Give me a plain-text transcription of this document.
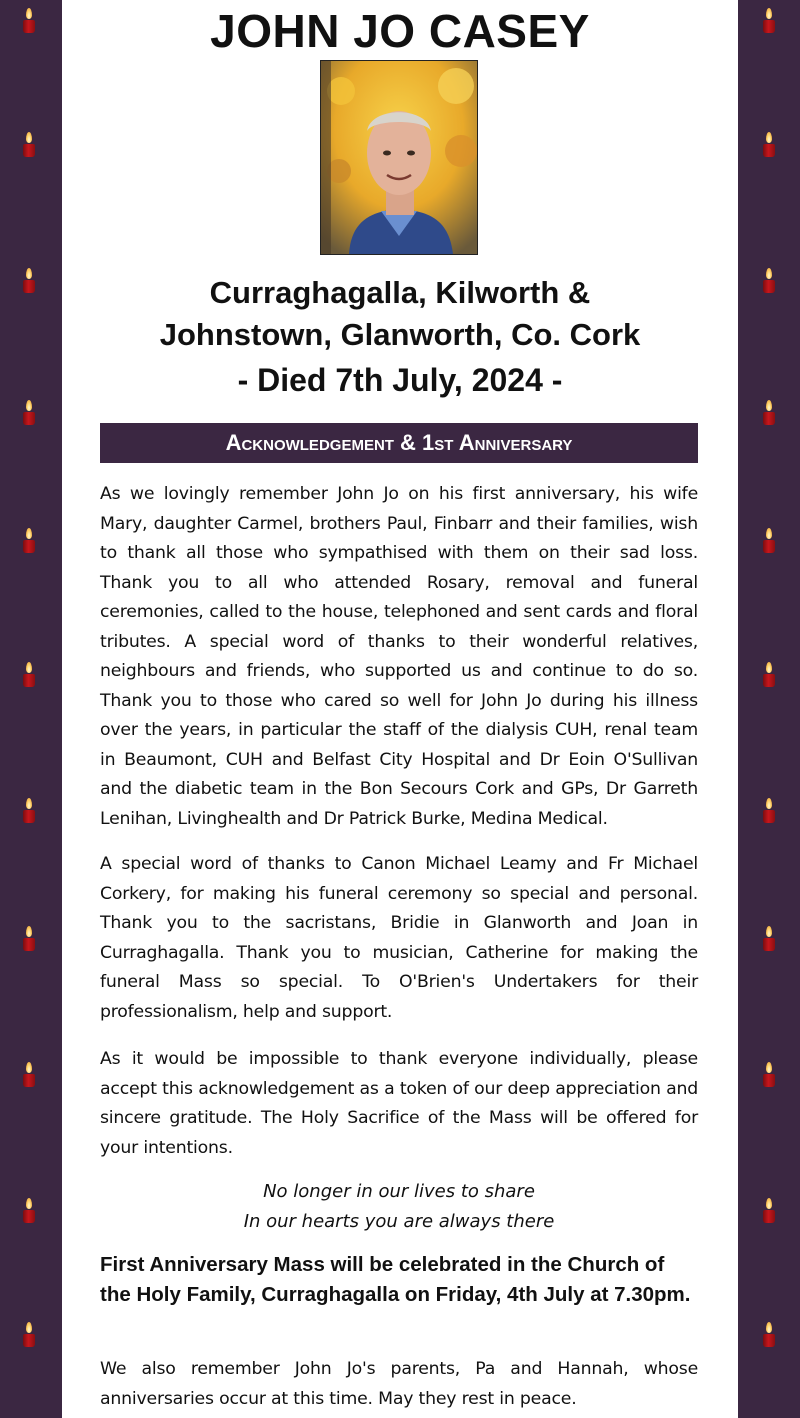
JOHN JO CASEY
Curraghagalla, Kilworth &
Johnstown, Glanworth, Co. Cork
- Died 7th July, 2024 -
Acknowledgement & 1st Anniversary

As we lovingly remember John Jo on his first anniversary, his wife Mary, daughter Carmel, brothers Paul, Finbarr and their families, wish to thank all those who sympathised with them on their sad loss. Thank you to all who attended Rosary, removal and funeral ceremonies, called to the house, telephoned and sent cards and floral tributes. A special word of thanks to their wonderful relatives, neighbours and friends, who supported us and continue to do so. Thank you to those who cared so well for John Jo during his illness over the years, in particular the staff of the dialysis CUH, renal team in Beaumont, CUH and Belfast City Hospital and Dr Eoin O'Sullivan and the diabetic team in the Bon Secours Cork and GPs, Dr Garreth Lenihan, Livinghealth and Dr Patrick Burke, Medina Medical.

A special word of thanks to Canon Michael Leamy and Fr Michael Corkery, for making his funeral ceremony so special and personal. Thank you to the sacristans, Bridie in Glanworth and Joan in Curraghagalla. Thank you to musician, Catherine for making the funeral Mass so special. To O'Brien's Undertakers for their professionalism, help and support.

As it would be impossible to thank everyone individually, please accept this acknowledgement as a token of our deep appreciation and sincere gratitude. The Holy Sacrifice of the Mass will be offered for your intentions.

No longer in our lives to share
In our hearts you are always there
First Anniversary Mass will be celebrated in the Church of the Holy Family, Curraghagalla on Friday, 4th July at 7.30pm.

We also remember John Jo's parents, Pa and Hannah, whose anniversaries occur at this time. May they rest in peace.
